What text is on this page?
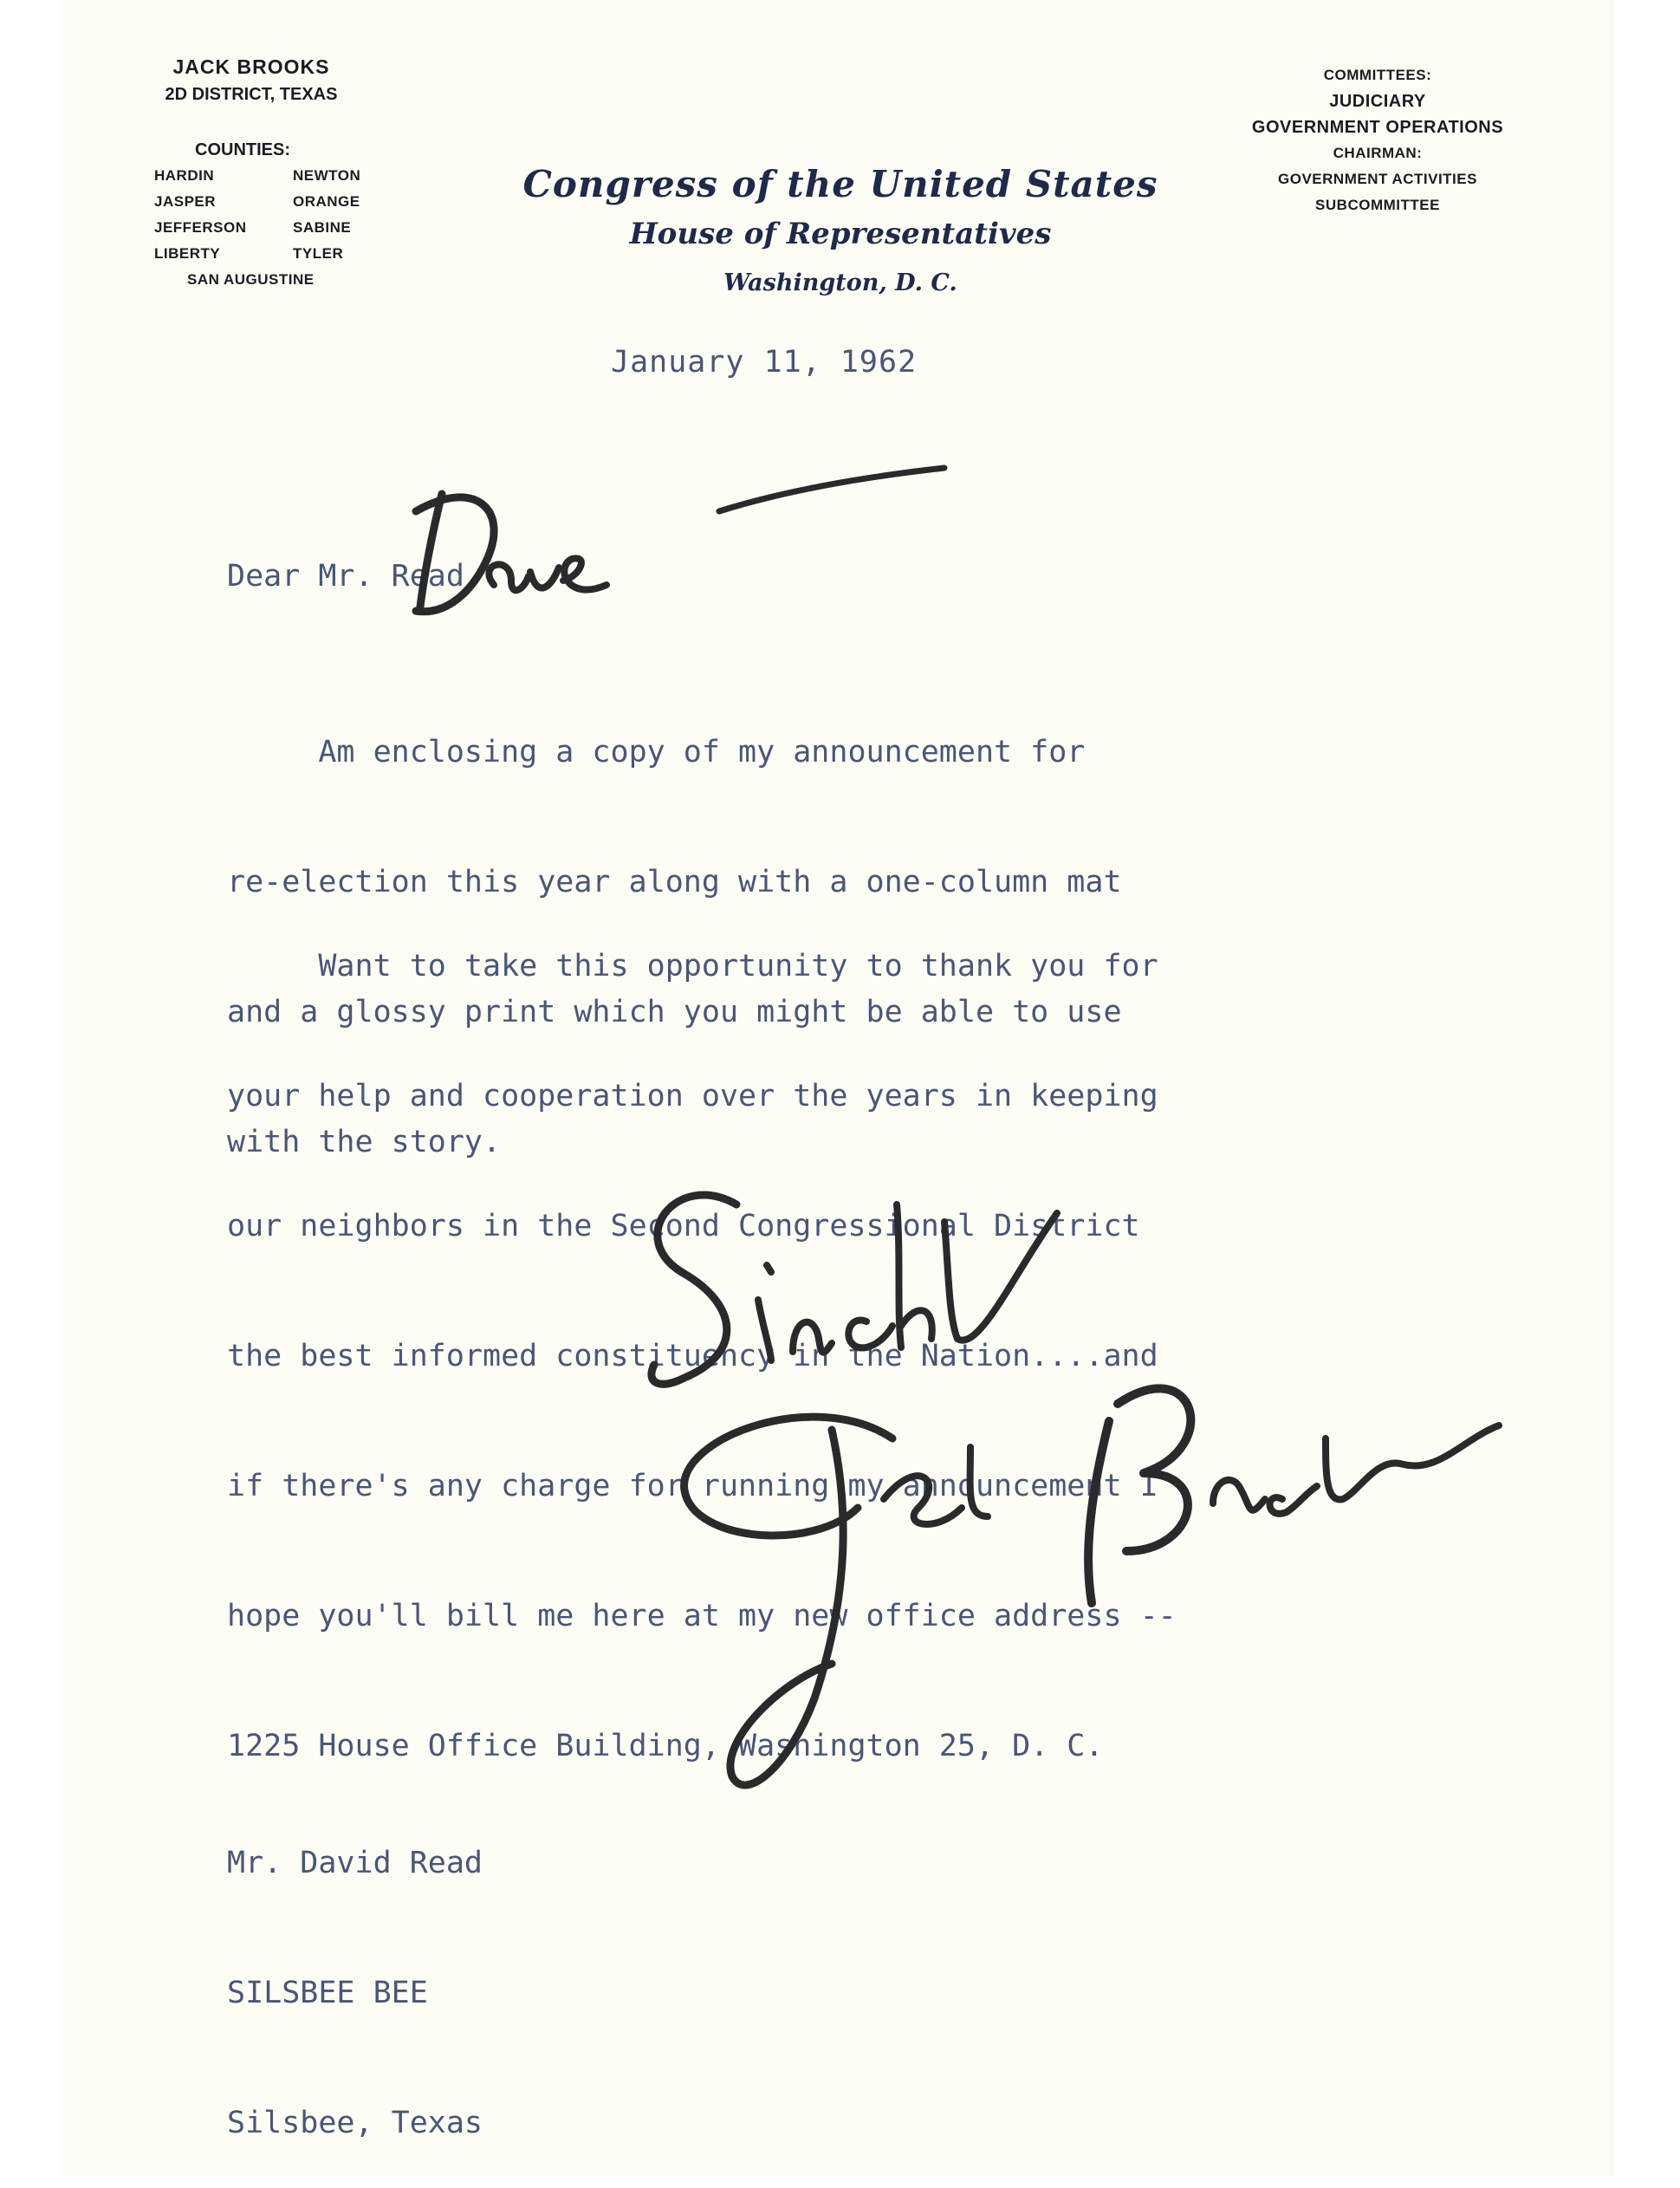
JACK BROOKS
2D DISTRICT, TEXAS
COUNTIES:
HARDIN	NEWTON
JASPER	ORANGE
JEFFERSON	SABINE
LIBERTY	TYLER
SAN AUGUSTINE
Congress of the United States
House of Representatives
Washington, D. C.
COMMITTEES:
JUDICIARY
GOVERNMENT OPERATIONS
CHAIRMAN:
GOVERNMENT ACTIVITIES
SUBCOMMITTEE
January 11, 1962
Dear Mr. Read

Am enclosing a copy of my announcement for

re-election this year along with a one-column mat

and a glossy print which you might be able to use

with the story.

Want to take this opportunity to thank you for

your help and cooperation over the years in keeping

our neighbors in the Second Congressional District

the best informed constituency in the Nation....and

if there's any charge for running my announcement I

hope you'll bill me here at my new office address --

1225 House Office Building, Washington 25, D. C.

Mr. David Read

SILSBEE BEE

Silsbee, Texas
